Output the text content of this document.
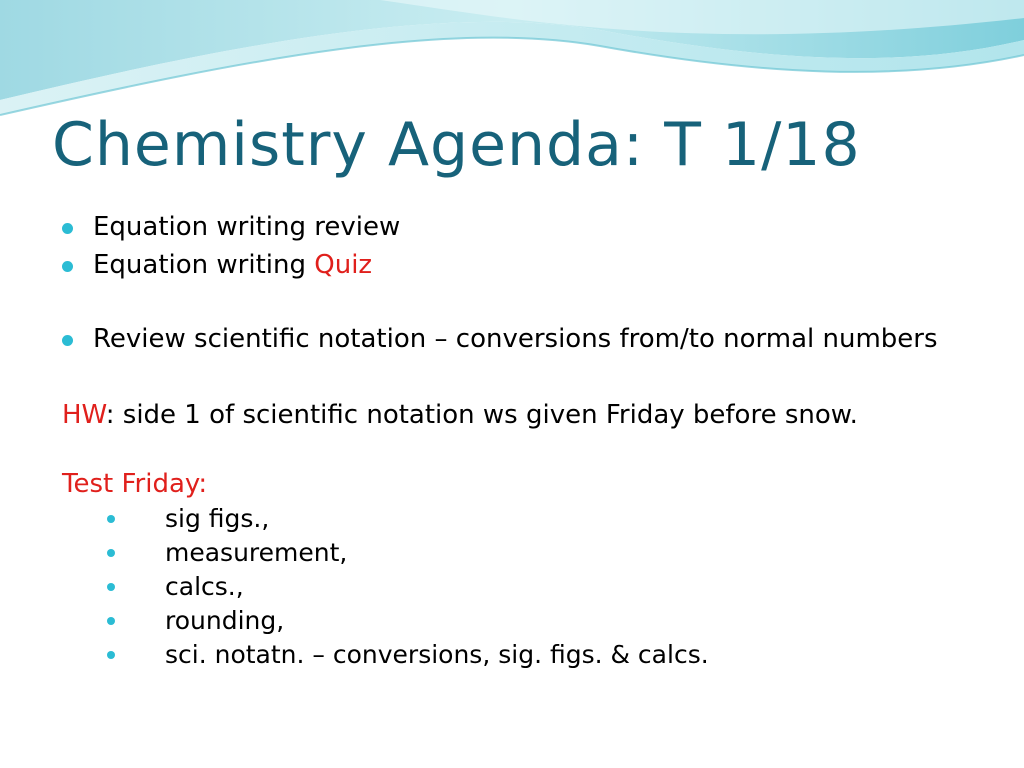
Chemistry Agenda: T 1/18
Equation writing review
Equation writing Quiz
Review scientific notation – conversions from/to normal numbers

HW: side 1 of scientific notation ws given Friday before snow.

Test Friday:

sig figs.,
measurement,
calcs.,
rounding,
sci. notatn. – conversions, sig. figs. & calcs.
